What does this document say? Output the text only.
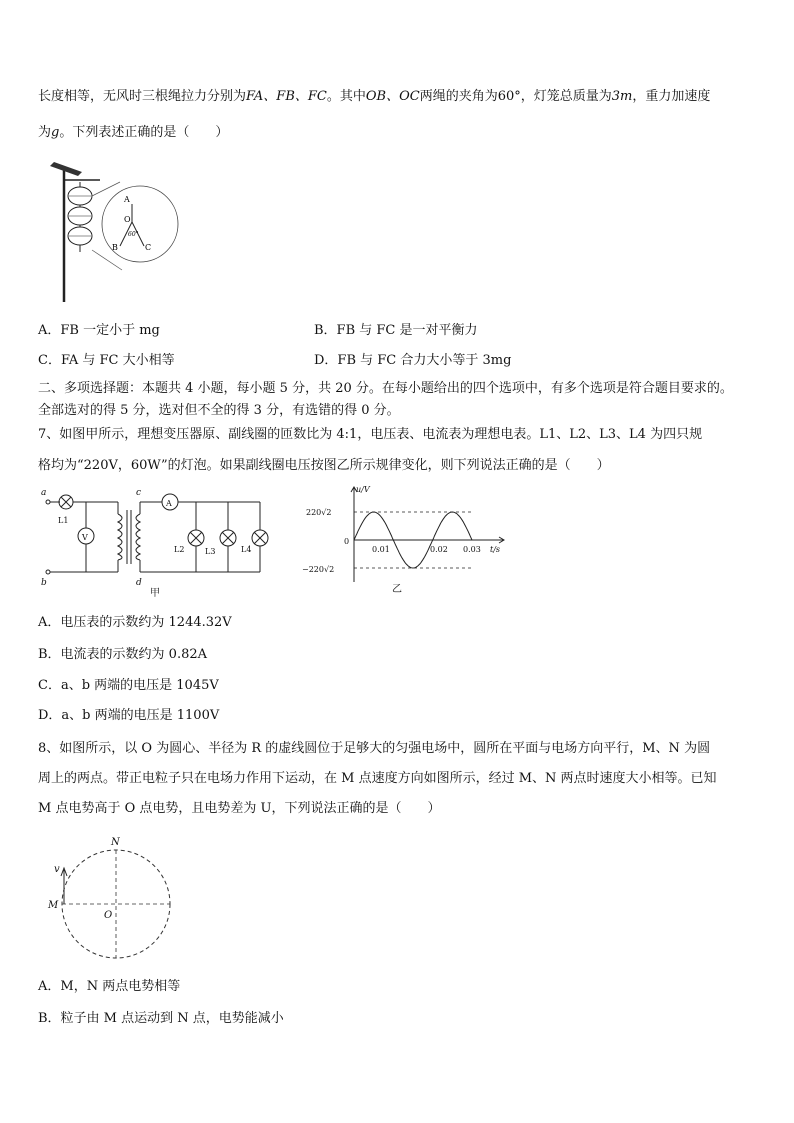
长度相等，无风时三根绳拉力分别为FA、FB、FC。其中OB、OC两绳的夹角为60°，灯笼总质量为3m，重力加速度
为g。下列表述正确的是（　　）
A
O
60°
B	C
A．FB 一定小于 mg	B．FB 与 FC 是一对平衡力
C．FA 与 FC 大小相等	D．FB 与 FC 合力大小等于 3mg
二、多项选择题：本题共 4 小题，每小题 5 分，共 20 分。在每小题给出的四个选项中，有多个选项是符合题目要求的。
全部选对的得 5 分，选对但不全的得 3 分，有选错的得 0 分。
7、如图甲所示，理想变压器原、副线圈的匝数比为 4:1，电压表、电流表为理想电表。L1、L2、L3、L4 为四只规
格均为“220V，60W”的灯泡。如果副线圈电压按图乙所示规律变化，则下列说法正确的是（　　）
a
b
c
d
L1
V
A
L2	L3	L4
甲
u/V
220√2
0
−220√2
0.01	0.02 0.03 t/s
乙
A．电压表的示数约为 1244.32V
B．电流表的示数约为 0.82A
C．a、b 两端的电压是 1045V
D．a、b 两端的电压是 1100V
8、如图所示，以 O 为圆心、半径为 R 的虚线圆位于足够大的匀强电场中，圆所在平面与电场方向平行，M、N 为圆
周上的两点。带正电粒子只在电场力作用下运动，在 M 点速度方向如图所示，经过 M、N 两点时速度大小相等。已知
M 点电势高于 O 点电势，且电势差为 U，下列说法正确的是（　　）
N
v
M
O
A．M，N 两点电势相等
B．粒子由 M 点运动到 N 点，电势能减小
